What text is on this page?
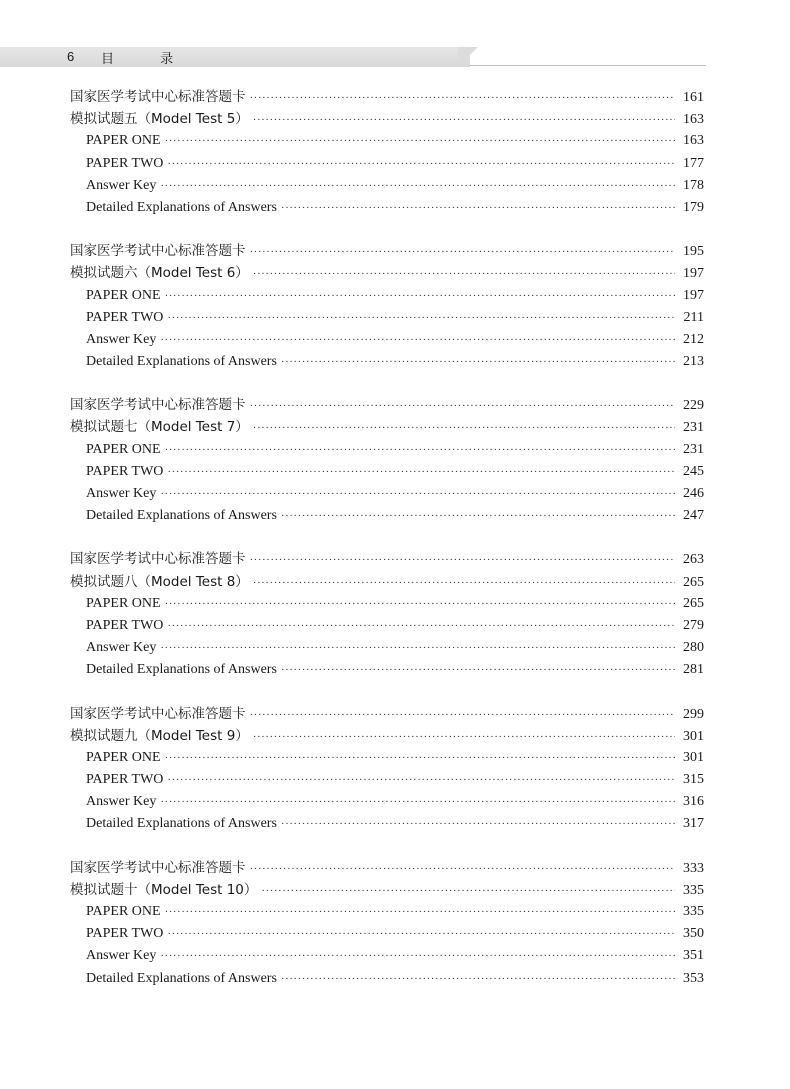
6 目 录
国家医学考试中心标准答题卡 ·····	161
模拟试题五（Model Test 5） ·····	163
PAPER ONE ·····	163
PAPER TWO ·····	177
Answer Key ·····	178
Detailed Explanations of Answers ·····	179
国家医学考试中心标准答题卡 ·····	195
模拟试题六（Model Test 6） ·····	197
PAPER ONE ·····	197
PAPER TWO ·····	211
Answer Key ·····	212
Detailed Explanations of Answers ·····	213
国家医学考试中心标准答题卡 ·····	229
模拟试题七（Model Test 7） ·····	231
PAPER ONE ·····	231
PAPER TWO ·····	245
Answer Key ·····	246
Detailed Explanations of Answers ·····	247
国家医学考试中心标准答题卡 ·····	263
模拟试题八（Model Test 8） ·····	265
PAPER ONE ·····	265
PAPER TWO ·····	279
Answer Key ·····	280
Detailed Explanations of Answers ·····	281
国家医学考试中心标准答题卡 ·····	299
模拟试题九（Model Test 9） ·····	301
PAPER ONE ·····	301
PAPER TWO ·····	315
Answer Key ·····	316
Detailed Explanations of Answers ·····	317
国家医学考试中心标准答题卡 ·····	333
模拟试题十（Model Test 10） ·····	335
PAPER ONE ·····	335
PAPER TWO ·····	350
Answer Key ·····	351
Detailed Explanations of Answers ·····	353
